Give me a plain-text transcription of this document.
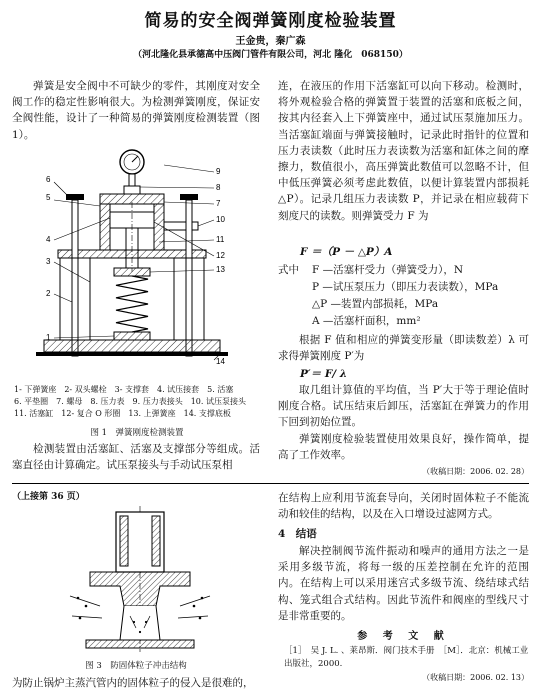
简易的安全阀弹簧刚度检验装置
王金贵，秦广森
（河北隆化县承德高中压阀门管件有限公司，河北 隆化　068150）
弹簧是安全阀中不可缺少的零件，其刚度对安全阀工作的稳定性影响很大。为检测弹簧刚度，保证安全阀性能，设计了一种简易的弹簧刚度检测装置（图 1）。
9
8
7
10
11
12
13
14
6
5
4
3
2
1
1- 下弹簧座　2- 双头螺栓　3- 支撑套　4. 试压接套　5. 活塞
6. 平垫圈　7. 螺母　8. 压力表　9. 压力表接头　10. 试压泵接头
11. 活塞缸　12- 复合 O 形圈　13. 上弹簧座　14. 支撑底板
图 1　弹簧刚度检测装置
检测装置由活塞缸、活塞及支撑部分等组成。活塞直径由计算确定。试压泵接头与手动试压泵相
连，在液压的作用下活塞缸可以向下移动。检测时，将外观检验合格的弹簧置于装置的活塞和底板之间，按其内径套入上下弹簧座中，通过试压泵施加压力。当活塞缸端面与弹簧接触时，记录此时指针的位置和压力表读数（此时压力表读数为活塞和缸体之间的摩擦力，数值很小，高压弹簧此数值可以忽略不计，但中低压弹簧必须考虑此数值，以便计算装置内部损耗 △P）。记录几组压力表读数 P，并记录在相应载荷下刻度尺的读数。则弹簧受力 F 为
F ＝（P － △P）A
式中 F —活塞杆受力（弹簧受力），N
P —试压泵压力（即压力表读数），MPa
△P —装置内部损耗，MPa
A —活塞杆面积，mm²
根据 F 值和相应的弹簧变形量（即读数差）λ 可求得弹簧刚度 P′为
P′＝ F/ λ
取几组计算值的平均值，当 P′大于等于理论值时刚度合格。试压结束后卸压，活塞缸在弹簧力的作用下回到初始位置。
弹簧刚度检验装置使用效果良好，操作简单，提高了工作效率。
（收稿日期：2006. 02. 28）
（上接第 36 页）
图 3　防固体粒子冲击结构
为防止锅炉主蒸汽管内的固体粒子的侵入是很难的，
在结构上应利用节流套导向，关闭时固体粒子不能流动和较佳的结构，以及在入口增设过滤网方式。
4　结语
解决控制阀节流件振动和噪声的通用方法之一是采用多级节流，将每一级的压差控制在允许的范围内。在结构上可以采用迷宫式多级节流、绕结球式结构、笼式组合式结构。因此节流件和阀座的型线尺寸是非常重要的。
参 考 文 献
［1］　吴 J. L. 、莱昂斯．阀门技术手册　［M］．北京：机械工业出版社，2000.
（收稿日期：2006. 02. 13）
